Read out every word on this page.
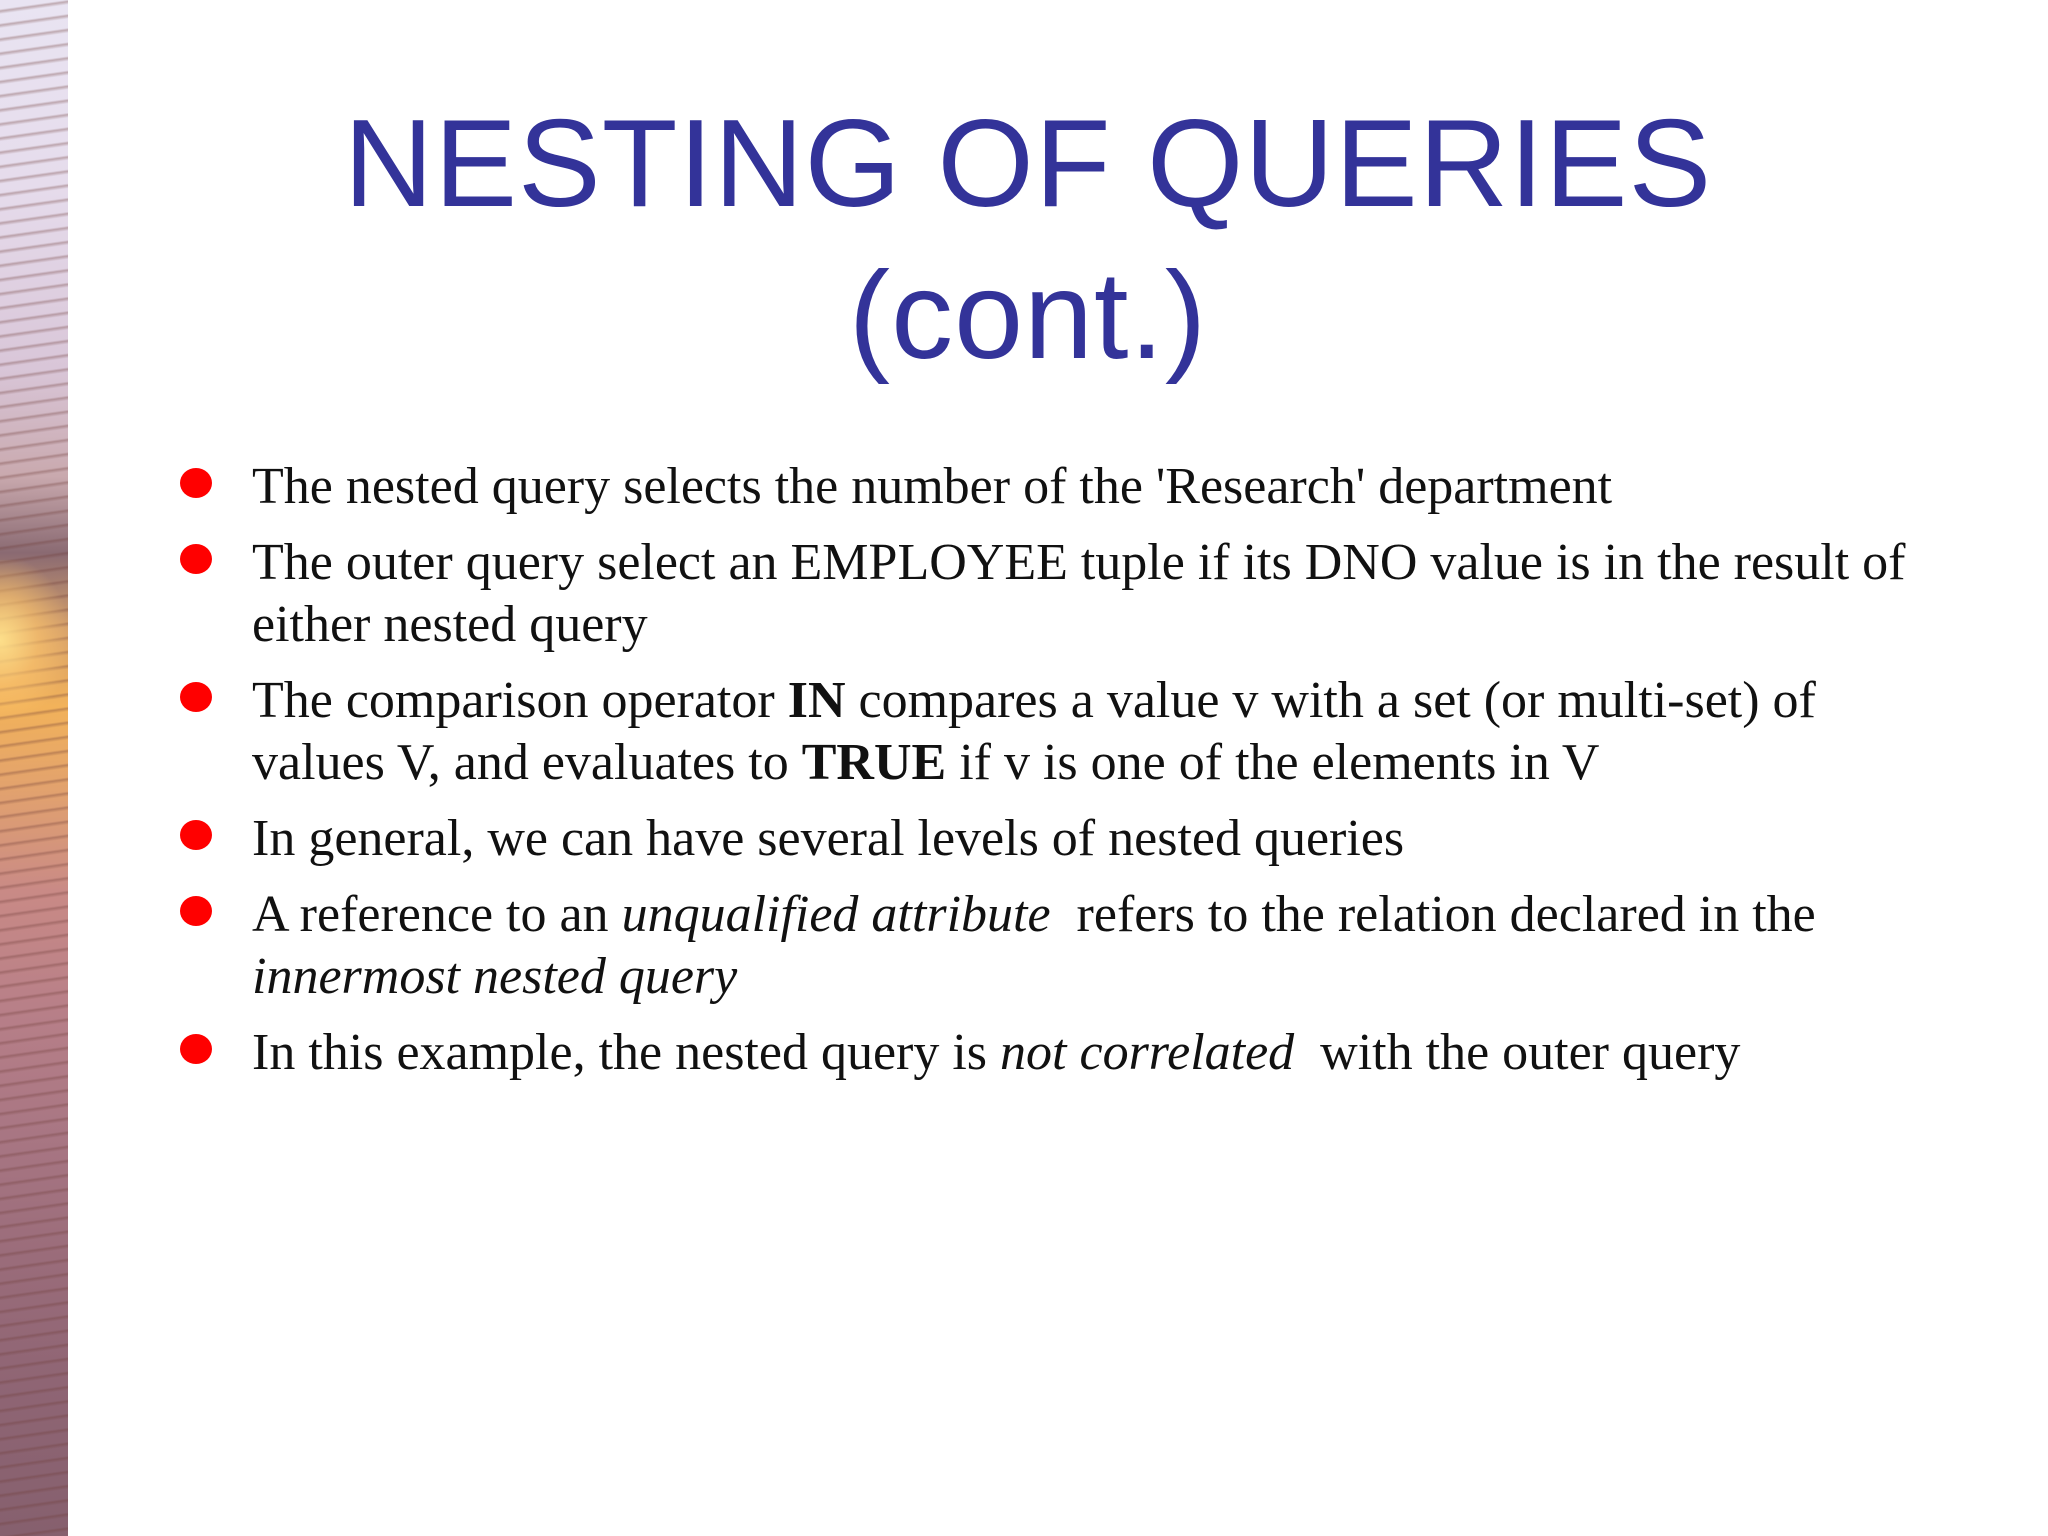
NESTING OF QUERIES
(cont.)
The nested query selects the number of the 'Research' department
The outer query select an EMPLOYEE tuple if its DNO value is in the result of either nested query
The comparison operator IN compares a value v with a set (or multi-set) of values V, and evaluates to TRUE if v is one of the elements in V
In general, we can have several levels of nested queries
A reference to an unqualified attribute  refers to the relation declared in the innermost nested query
In this example, the nested query is not correlated  with the outer query
